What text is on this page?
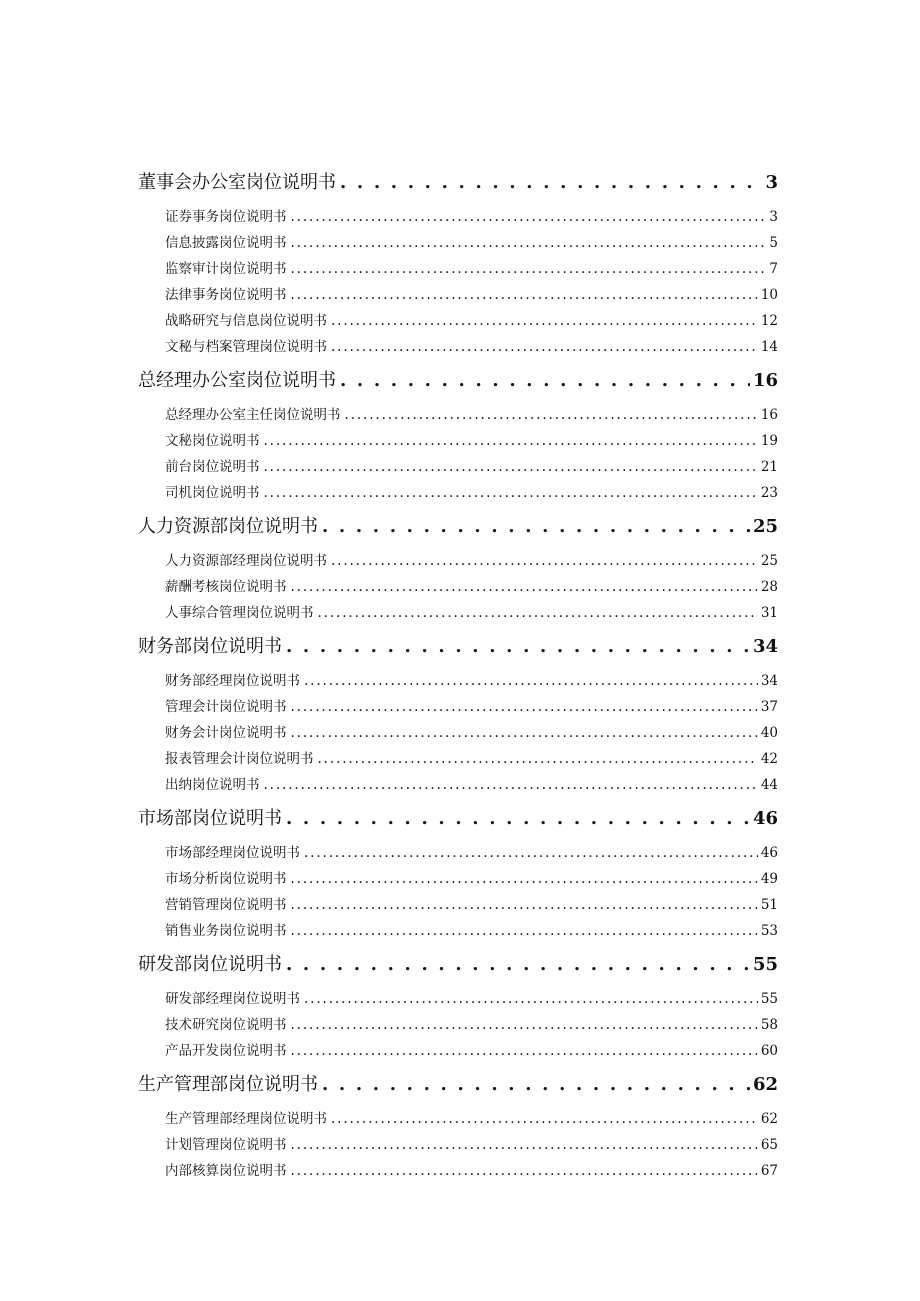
董事会办公室岗位说明书 . . .	3
证券事务岗位说明书 . . .	3
信息披露岗位说明书 . . .	5
监察审计岗位说明书 . . .	7
法律事务岗位说明书 . . .	10
战略研究与信息岗位说明书 . . .	12
文秘与档案管理岗位说明书 . . .	14
总经理办公室岗位说明书 . . .	16
总经理办公室主任岗位说明书 . . .	16
文秘岗位说明书 . . .	19
前台岗位说明书 . . .	21
司机岗位说明书 . . .	23
人力资源部岗位说明书 . . .	25
人力资源部经理岗位说明书 . . .	25
薪酬考核岗位说明书 . . .	28
人事综合管理岗位说明书 . . .	31
财务部岗位说明书 . . .	34
财务部经理岗位说明书 . . .	34
管理会计岗位说明书 . . .	37
财务会计岗位说明书 . . .	40
报表管理会计岗位说明书 . . .	42
出纳岗位说明书 . . .	44
市场部岗位说明书 . . .	46
市场部经理岗位说明书 . . .	46
市场分析岗位说明书 . . .	49
营销管理岗位说明书 . . .	51
销售业务岗位说明书 . . .	53
研发部岗位说明书 . . .	55
研发部经理岗位说明书 . . .	55
技术研究岗位说明书 . . .	58
产品开发岗位说明书 . . .	60
生产管理部岗位说明书 . . .	62
生产管理部经理岗位说明书 . . .	62
计划管理岗位说明书 . . .	65
内部核算岗位说明书 . . .	67
